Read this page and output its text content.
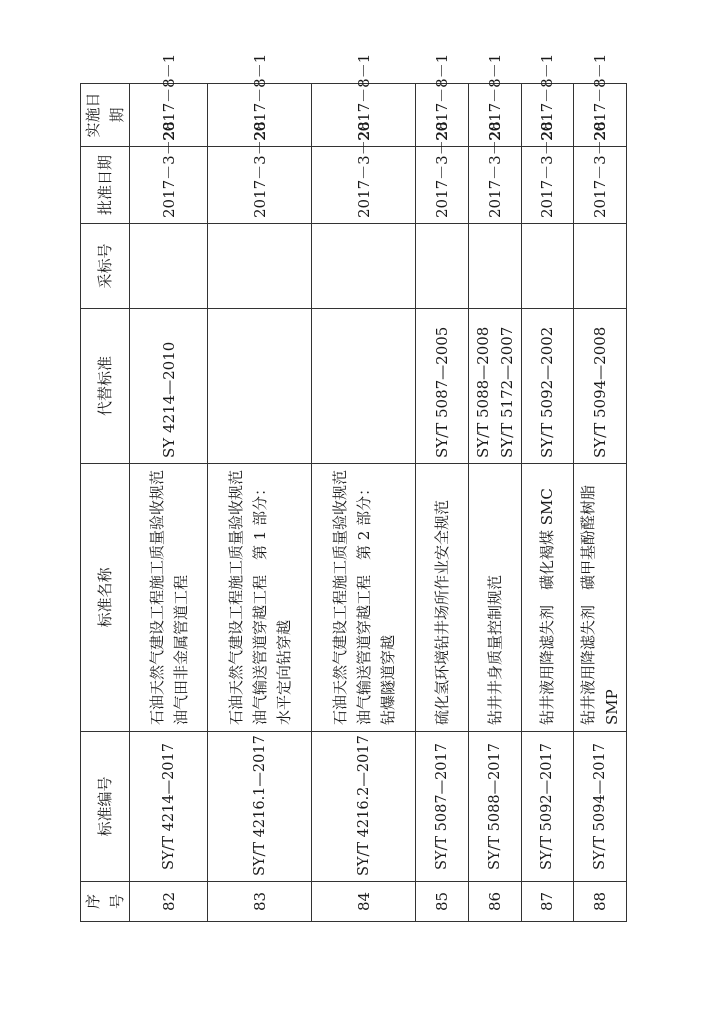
序号	标准编号	标准名称	代替标准	采标号	批准日期	实施日期
82	SY/T 4214—2017	石油天然气建设工程施工质量验收规范　油气田非金属管道工程	SY 4214—2010		2017－3－28	2017－8－1
83	SY/T 4216.1—2017	石油天然气建设工程施工质量验收规范　油气输送管道穿越工程　第 1 部分：水平定向钻穿越			2017－3－28	2017－8－1
84	SY/T 4216.2—2017	石油天然气建设工程施工质量验收规范　油气输送管道穿越工程　第 2 部分：钻爆隧道穿越			2017－3－28	2017－8－1
85	SY/T 5087—2017	硫化氢环境钻井场所作业安全规范	SY/T 5087—2005		2017－3－28	2017－8－1
86	SY/T 5088—2017	钻井井身质量控制规范	SY/T 5088—2008 SY/T 5172—2007		2017－3－28	2017－8－1
87	SY/T 5092—2017	钻井液用降滤失剂　磺化褐煤 SMC	SY/T 5092—2002		2017－3－28	2017－8－1
88	SY/T 5094—2017	钻井液用降滤失剂　磺甲基酚醛树脂 SMP	SY/T 5094—2008		2017－3－28	2017－8－1
